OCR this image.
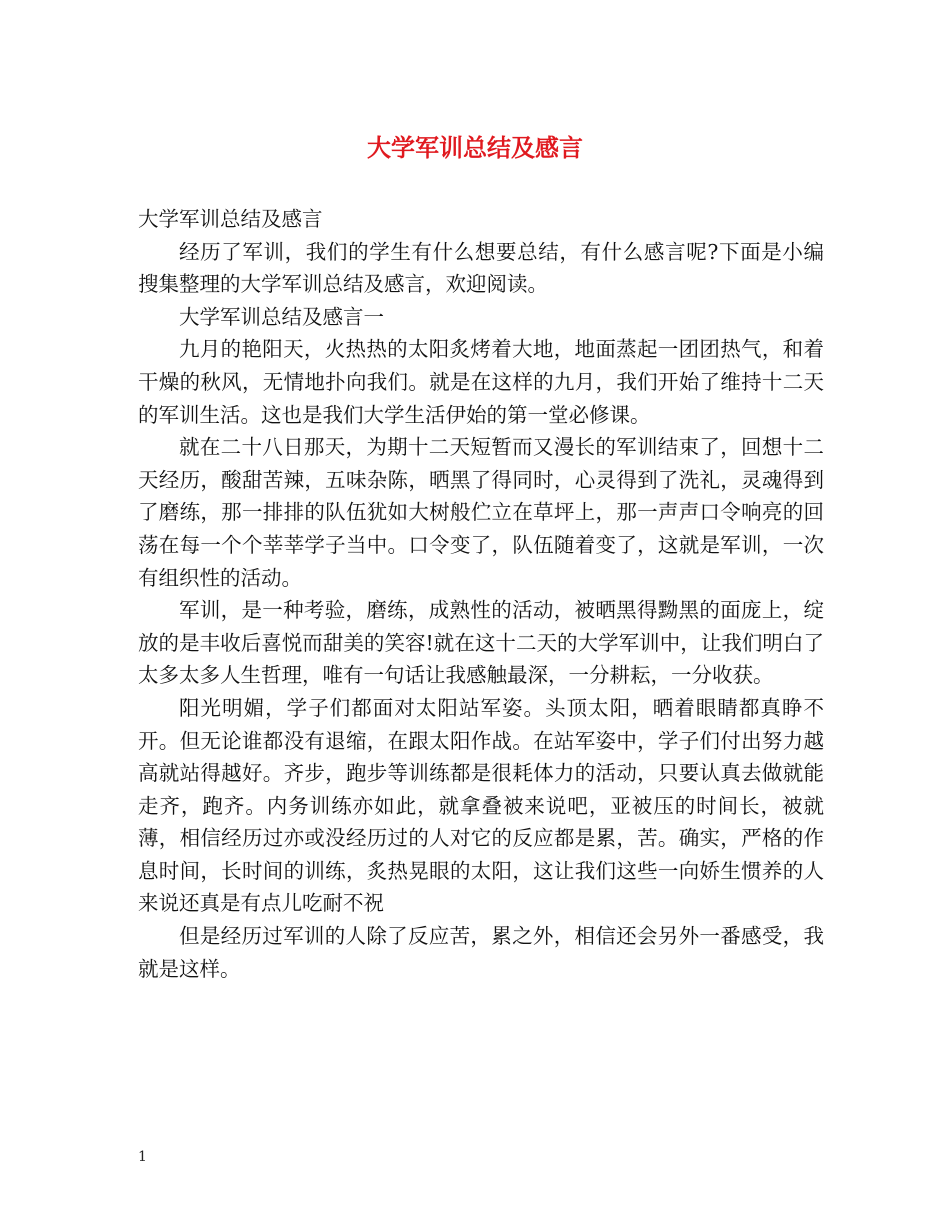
大学军训总结及感言

大学军训总结及感言

经历了军训，我们的学生有什么想要总结，有什么感言呢?下面是小编搜集整理的大学军训总结及感言，欢迎阅读。

大学军训总结及感言一

九月的艳阳天，火热热的太阳炙烤着大地，地面蒸起一团团热气，和着干燥的秋风，无情地扑向我们。就是在这样的九月，我们开始了维持十二天的军训生活。这也是我们大学生活伊始的第一堂必修课。

就在二十八日那天，为期十二天短暂而又漫长的军训结束了，回想十二天经历，酸甜苦辣，五味杂陈，晒黑了得同时，心灵得到了洗礼，灵魂得到了磨练，那一排排的队伍犹如大树般伫立在草坪上，那一声声口令响亮的回荡在每一个个莘莘学子当中。口令变了，队伍随着变了，这就是军训，一次有组织性的活动。

军训，是一种考验，磨练，成熟性的活动，被晒黑得黝黑的面庞上，绽放的是丰收后喜悦而甜美的笑容!就在这十二天的大学军训中，让我们明白了太多太多人生哲理，唯有一句话让我感触最深，一分耕耘，一分收获。

阳光明媚，学子们都面对太阳站军姿。头顶太阳，晒着眼睛都真睁不开。但无论谁都没有退缩，在跟太阳作战。在站军姿中，学子们付出努力越高就站得越好。齐步，跑步等训练都是很耗体力的活动，只要认真去做就能走齐，跑齐。内务训练亦如此，就拿叠被来说吧，亚被压的时间长，被就薄，相信经历过亦或没经历过的人对它的反应都是累，苦。确实，严格的作息时间，长时间的训练，炙热晃眼的太阳，这让我们这些一向娇生惯养的人来说还真是有点儿吃耐不祝

但是经历过军训的人除了反应苦，累之外，相信还会另外一番感受，我就是这样。

1
